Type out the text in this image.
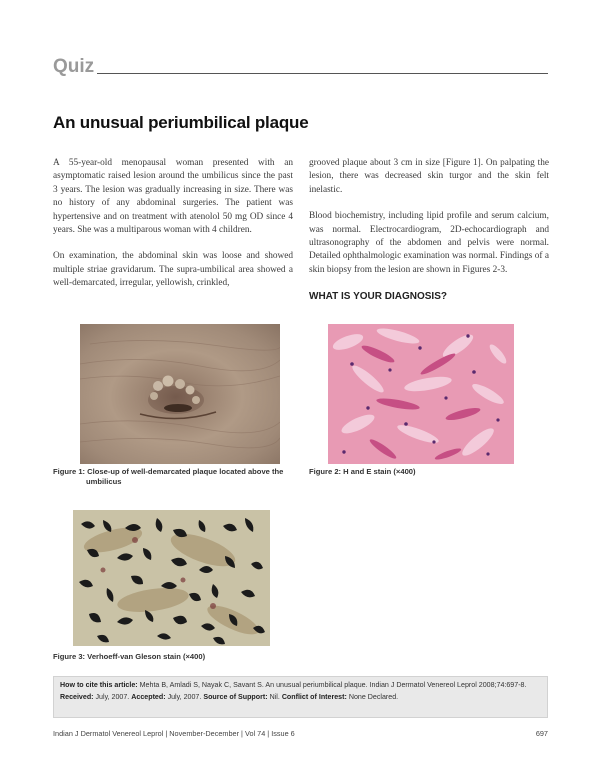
Quiz
An unusual periumbilical plaque

A 55-year-old menopausal woman presented with an asymptomatic raised lesion around the umbilicus since the past 3 years. The lesion was gradually increasing in size. There was no history of any abdominal surgeries. The patient was hypertensive and on treatment with atenolol 50 mg OD since 4 years. She was a multiparous woman with 4 children.

On examination, the abdominal skin was loose and showed multiple striae gravidarum. The supra-umbilical area showed a well-demarcated, irregular, yellowish, crinkled,

grooved plaque about 3 cm in size [Figure 1]. On palpating the lesion, there was decreased skin turgor and the skin felt inelastic.

Blood biochemistry, including lipid profile and serum calcium, was normal. Electrocardiogram, 2D-echocardiograph and ultrasonography of the abdomen and pelvis were normal. Detailed ophthalmologic examination was normal. Findings of a skin biopsy from the lesion are shown in Figures 2-3.

WHAT IS YOUR DIAGNOSIS?
Figure 1: Close-up of well-demarcated plaque located above the
umbilicus
Figure 2: H and E stain (×400)
Figure 3: Verhoeff-van Gleson stain (×400)
How to cite this article: Mehta B, Amladi S, Nayak C, Savant S. An unusual periumbilical plaque. Indian J Dermatol Venereol Leprol 2008;74:697-8.
Received: July, 2007. Accepted: July, 2007. Source of Support: Nil. Conflict of Interest: None Declared.
Indian J Dermatol Venereol Leprol | November-December | Vol 74 | Issue 6	697
